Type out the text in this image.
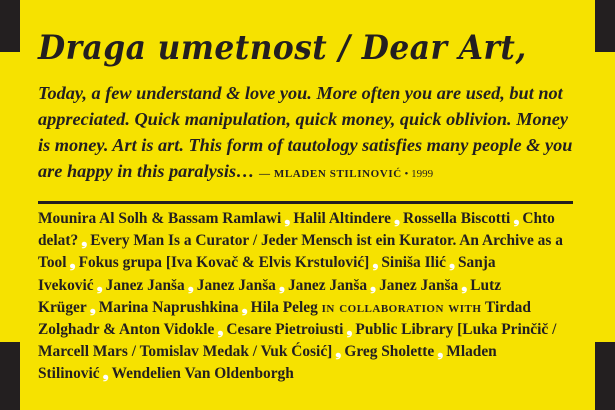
Draga umetnost / Dear Art,

Today, a few understand & love you. More often you are used, but not appreciated. Quick manipulation, quick money, quick oblivion. Money is money. Art is art. This form of tautology satisfies many people & you are happy in this paralysis… — MLADEN STILINOVIĆ • 1999

Mounira Al Solh & Bassam Ramlawi ❟ Halil Altindere ❟ Rossella Biscotti ❟ Chto delat? ❟ Every Man Is a Curator / Jeder Mensch ist ein Kurator. An Archive as a Tool ❟ Fokus grupa [Iva Kovač & Elvis Krstulović] ❟ Siniša Ilić ❟ Sanja Iveković ❟ Janez Janša ❟ Janez Janša ❟ Janez Janša ❟ Janez Janša ❟ Lutz Krüger ❟ Marina Naprushkina ❟ Hila Peleg in collaboration with Tirdad Zolghadr & Anton Vidokle ❟ Cesare Pietroiusti ❟ Public Library [Luka Prinčič / Marcell Mars / Tomislav Medak / Vuk Ćosić] ❟ Greg Sholette ❟ Mladen Stilinović ❟ Wendelien Van Oldenborgh
